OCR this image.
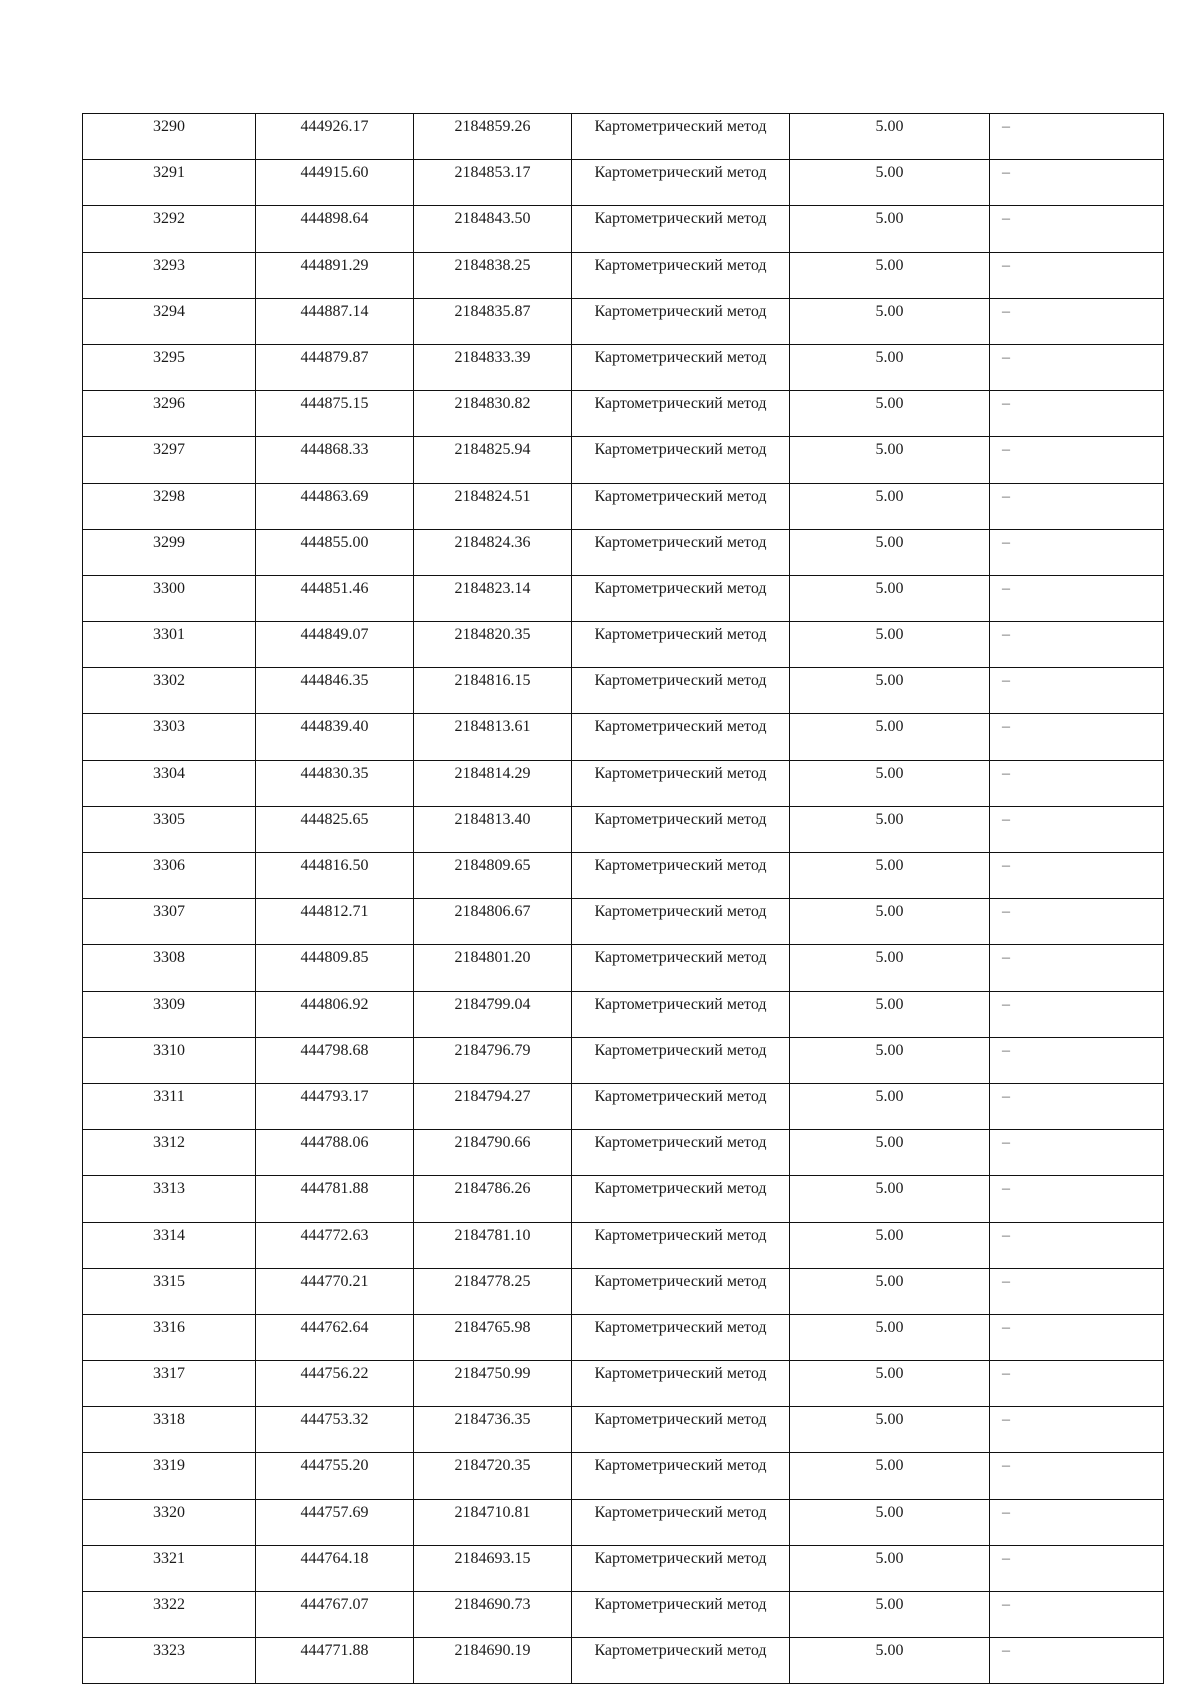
3290	444926.17	2184859.26	Картометрический метод	5.00	–
3291	444915.60	2184853.17	Картометрический метод	5.00	–
3292	444898.64	2184843.50	Картометрический метод	5.00	–
3293	444891.29	2184838.25	Картометрический метод	5.00	–
3294	444887.14	2184835.87	Картометрический метод	5.00	–
3295	444879.87	2184833.39	Картометрический метод	5.00	–
3296	444875.15	2184830.82	Картометрический метод	5.00	–
3297	444868.33	2184825.94	Картометрический метод	5.00	–
3298	444863.69	2184824.51	Картометрический метод	5.00	–
3299	444855.00	2184824.36	Картометрический метод	5.00	–
3300	444851.46	2184823.14	Картометрический метод	5.00	–
3301	444849.07	2184820.35	Картометрический метод	5.00	–
3302	444846.35	2184816.15	Картометрический метод	5.00	–
3303	444839.40	2184813.61	Картометрический метод	5.00	–
3304	444830.35	2184814.29	Картометрический метод	5.00	–
3305	444825.65	2184813.40	Картометрический метод	5.00	–
3306	444816.50	2184809.65	Картометрический метод	5.00	–
3307	444812.71	2184806.67	Картометрический метод	5.00	–
3308	444809.85	2184801.20	Картометрический метод	5.00	–
3309	444806.92	2184799.04	Картометрический метод	5.00	–
3310	444798.68	2184796.79	Картометрический метод	5.00	–
3311	444793.17	2184794.27	Картометрический метод	5.00	–
3312	444788.06	2184790.66	Картометрический метод	5.00	–
3313	444781.88	2184786.26	Картометрический метод	5.00	–
3314	444772.63	2184781.10	Картометрический метод	5.00	–
3315	444770.21	2184778.25	Картометрический метод	5.00	–
3316	444762.64	2184765.98	Картометрический метод	5.00	–
3317	444756.22	2184750.99	Картометрический метод	5.00	–
3318	444753.32	2184736.35	Картометрический метод	5.00	–
3319	444755.20	2184720.35	Картометрический метод	5.00	–
3320	444757.69	2184710.81	Картометрический метод	5.00	–
3321	444764.18	2184693.15	Картометрический метод	5.00	–
3322	444767.07	2184690.73	Картометрический метод	5.00	–
3323	444771.88	2184690.19	Картометрический метод	5.00	–
